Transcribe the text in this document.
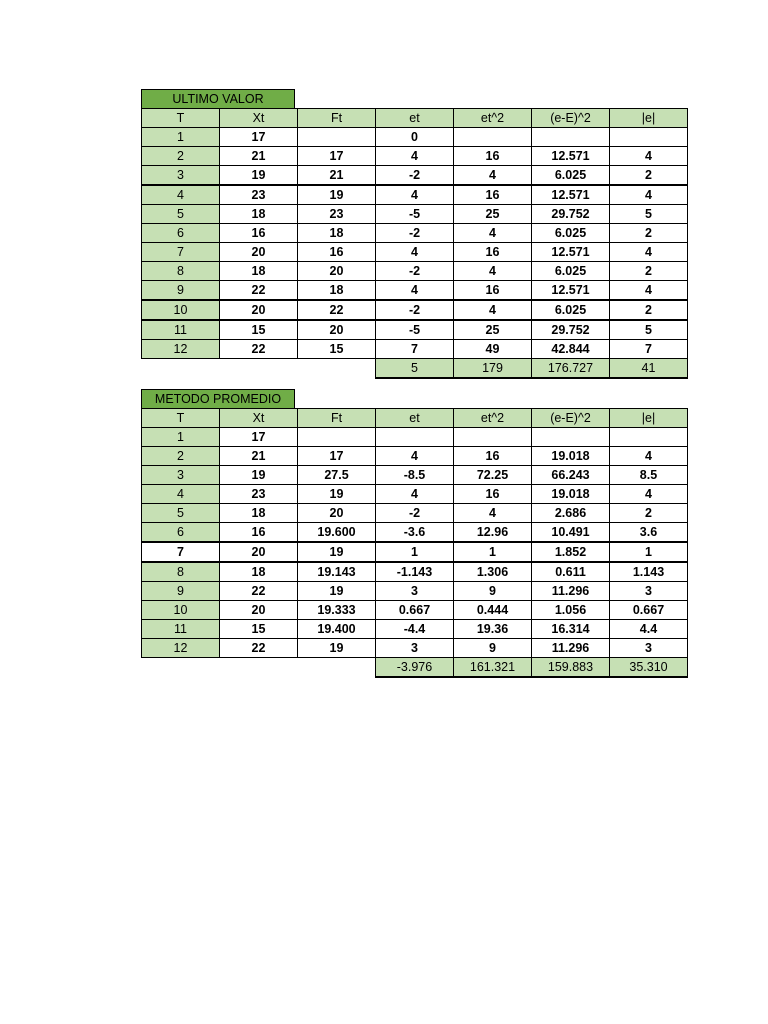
ULTIMO VALOR
T	Xt	Ft	et	et^2	(e-E)^2	|e|
1	17		0			
2	21	17	4	16	12.571	4
3	19	21	-2	4	6.025	2
4	23	19	4	16	12.571	4
5	18	23	-5	25	29.752	5
6	16	18	-2	4	6.025	2
7	20	16	4	16	12.571	4
8	18	20	-2	4	6.025	2
9	22	18	4	16	12.571	4
10	20	22	-2	4	6.025	2
11	15	20	-5	25	29.752	5
12	22	15	7	49	42.844	7
			5	179	176.727	41
METODO PROMEDIO
T	Xt	Ft	et	et^2	(e-E)^2	|e|
1	17					
2	21	17	4	16	19.018	4
3	19	27.5	-8.5	72.25	66.243	8.5
4	23	19	4	16	19.018	4
5	18	20	-2	4	2.686	2
6	16	19.600	-3.6	12.96	10.491	3.6
7	20	19	1	1	1.852	1
8	18	19.143	-1.143	1.306	0.611	1.143
9	22	19	3	9	11.296	3
10	20	19.333	0.667	0.444	1.056	0.667
11	15	19.400	-4.4	19.36	16.314	4.4
12	22	19	3	9	11.296	3
			-3.976	161.321	159.883	35.310
